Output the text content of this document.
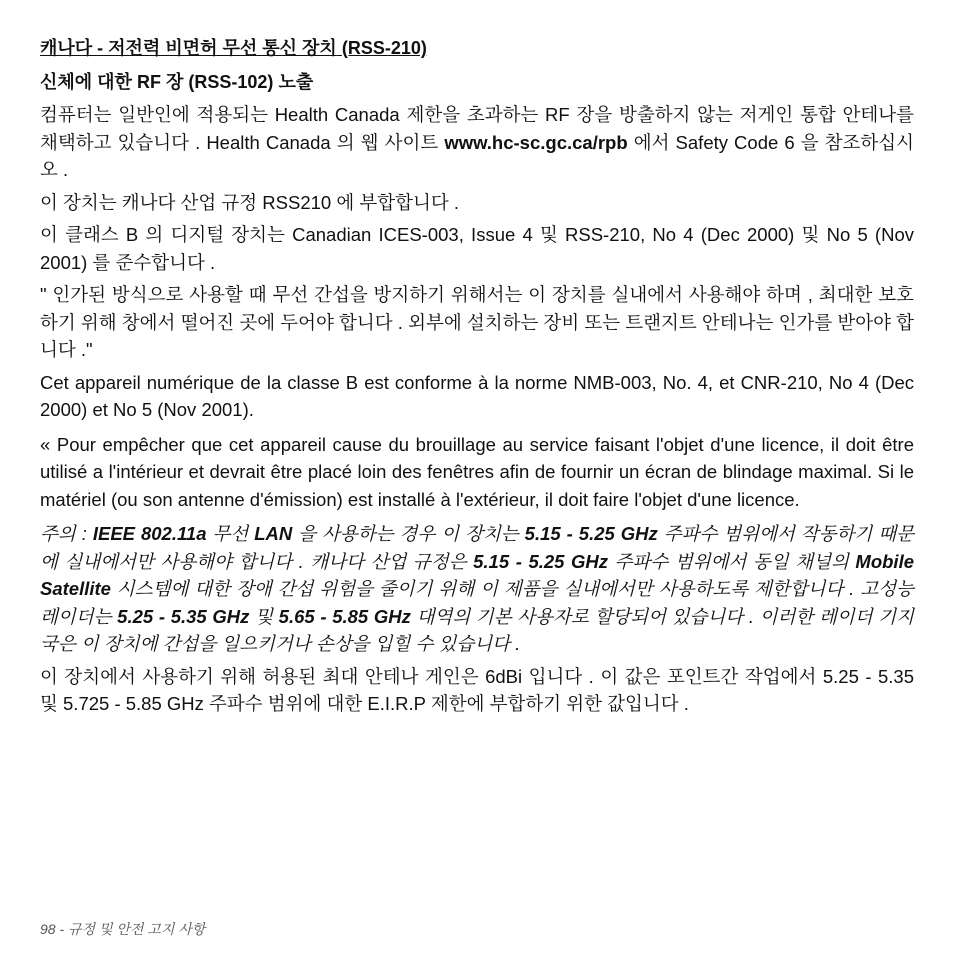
캐나다 - 저전력 비면허 무선 통신 장치 (RSS-210)

신체에 대한 RF 장 (RSS-102) 노출

컴퓨터는 일반인에 적용되는 Health Canada 제한을 초과하는 RF 장을 방출하지 않는 저게인 통합 안테나를 채택하고 있습니다 . Health Canada 의 웹 사이트 www.hc-sc.gc.ca/rpb 에서 Safety Code 6 을 참조하십시오 .

이 장치는 캐나다 산업 규정 RSS210 에 부합합니다 .

이 클래스 B 의 디지털 장치는 Canadian ICES-003, Issue 4 및 RSS-210, No 4 (Dec 2000) 및 No 5 (Nov 2001) 를 준수합니다 .

" 인가된 방식으로 사용할 때 무선 간섭을 방지하기 위해서는 이 장치를 실내에서 사용해야 하며 , 최대한 보호하기 위해 창에서 떨어진 곳에 두어야 합니다 . 외부에 설치하는 장비 또는 트랜지트 안테나는 인가를 받아야 합니다 ."

Cet appareil numérique de la classe B est conforme à la norme NMB-003, No. 4, et CNR-210, No 4 (Dec 2000) et No 5 (Nov 2001).

« Pour empêcher que cet appareil cause du brouillage au service faisant l'objet d'une licence, il doit être utilisé a l'intérieur et devrait être placé loin des fenêtres afin de fournir un écran de blindage maximal. Si le matériel (ou son antenne d'émission) est installé à l'extérieur, il doit faire l'objet d'une licence.

주의 : IEEE 802.11a 무선 LAN 을 사용하는 경우 이 장치는 5.15 - 5.25 GHz 주파수 범위에서 작동하기 때문에 실내에서만 사용해야 합니다 . 캐나다 산업 규정은 5.15 - 5.25 GHz 주파수 범위에서 동일 채널의 Mobile Satellite 시스템에 대한 장애 간섭 위험을 줄이기 위해 이 제품을 실내에서만 사용하도록 제한합니다 . 고성능 레이더는 5.25 - 5.35 GHz 및 5.65 - 5.85 GHz 대역의 기본 사용자로 할당되어 있습니다 . 이러한 레이더 기지국은 이 장치에 간섭을 일으키거나 손상을 입힐 수 있습니다 .

이 장치에서 사용하기 위해 허용된 최대 안테나 게인은 6dBi 입니다 . 이 값은 포인트간 작업에서 5.25 - 5.35 및 5.725 - 5.85 GHz 주파수 범위에 대한 E.I.R.P 제한에 부합하기 위한 값입니다 .

98 - 규정 및 안전 고지 사항
